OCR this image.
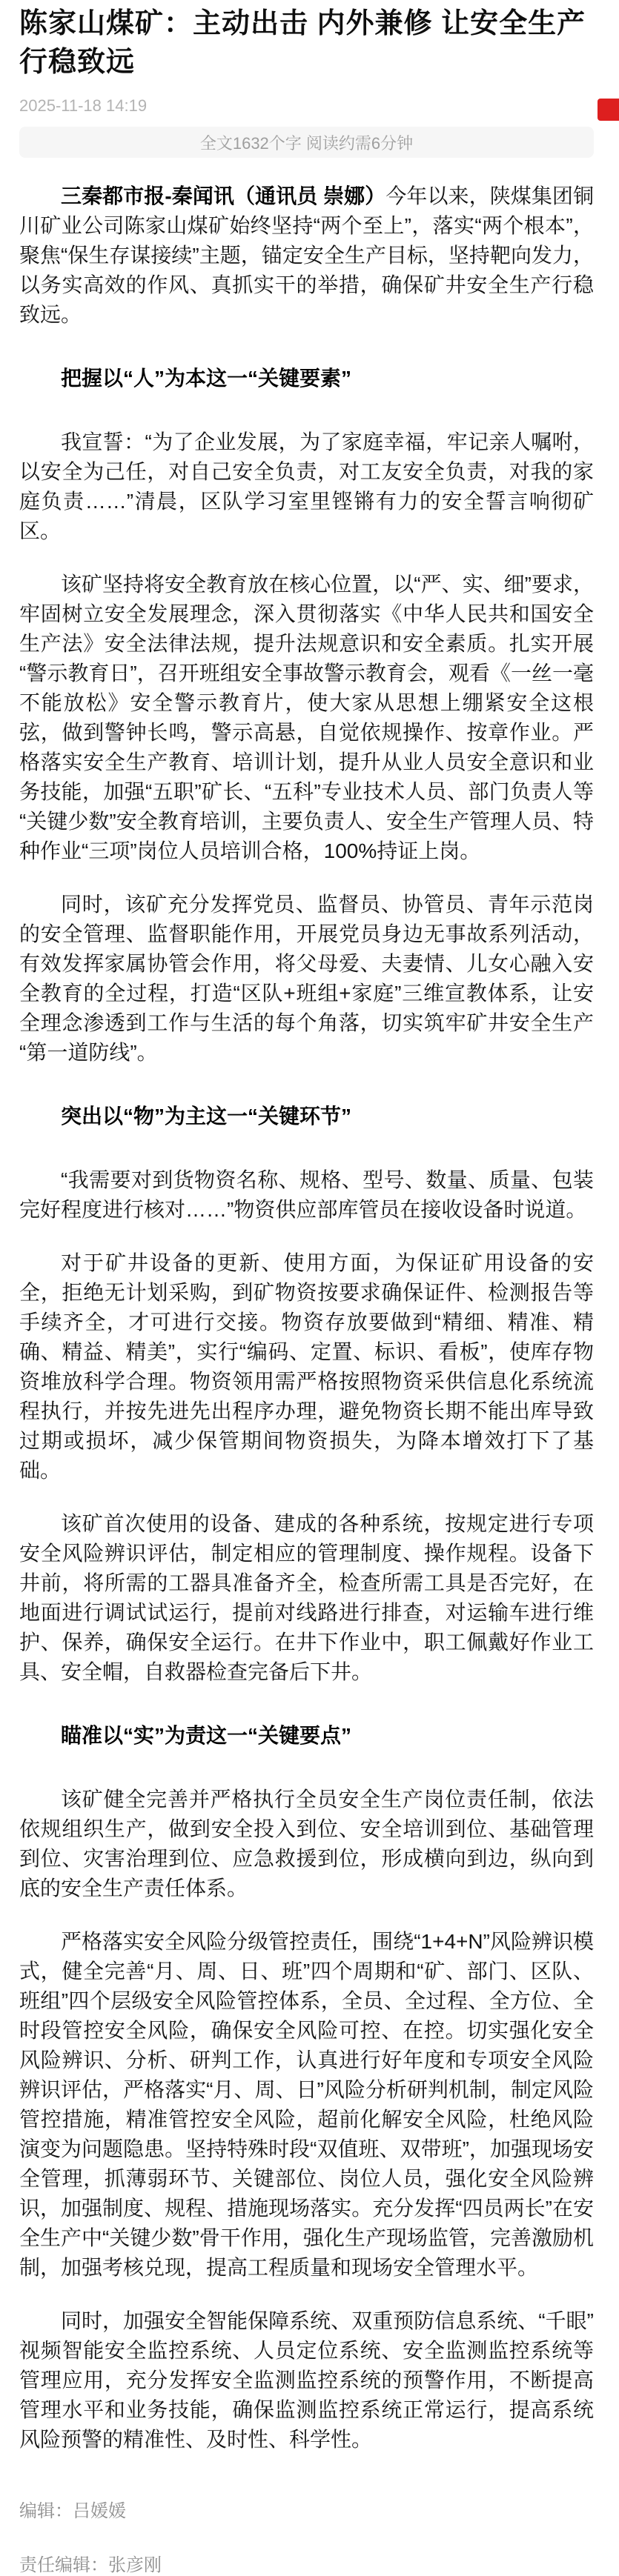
陈家山煤矿：主动出击 内外兼修 让安全生产行稳致远
2025-11-18 14:19
全文1632个字 阅读约需6分钟

三秦都市报-秦闻讯（通讯员 崇娜）今年以来，陕煤集团铜川矿业公司陈家山煤矿始终坚持“两个至上”，落实“两个根本”，聚焦“保生存谋接续”主题，锚定安全生产目标，坚持靶向发力，以务实高效的作风、真抓实干的举措，确保矿井安全生产行稳致远。

把握以“人”为本这一“关键要素”

我宣誓：“为了企业发展，为了家庭幸福，牢记亲人嘱咐，以安全为己任，对自己安全负责，对工友安全负责，对我的家庭负责……”清晨，区队学习室里铿锵有力的安全誓言响彻矿区。

该矿坚持将安全教育放在核心位置，以“严、实、细”要求，牢固树立安全发展理念，深入贯彻落实《中华人民共和国安全生产法》安全法律法规，提升法规意识和安全素质。扎实开展“警示教育日”，召开班组安全事故警示教育会，观看《一丝一毫不能放松》安全警示教育片，使大家从思想上绷紧安全这根弦，做到警钟长鸣，警示高悬，自觉依规操作、按章作业。严格落实安全生产教育、培训计划，提升从业人员安全意识和业务技能，加强“五职”矿长、“五科”专业技术人员、部门负责人等“关键少数”安全教育培训，主要负责人、安全生产管理人员、特种作业“三项”岗位人员培训合格，100%持证上岗。

同时，该矿充分发挥党员、监督员、协管员、青年示范岗的安全管理、监督职能作用，开展党员身边无事故系列活动，有效发挥家属协管会作用，将父母爱、夫妻情、儿女心融入安全教育的全过程，打造“区队+班组+家庭”三维宣教体系，让安全理念渗透到工作与生活的每个角落，切实筑牢矿井安全生产“第一道防线”。

突出以“物”为主这一“关键环节”

“我需要对到货物资名称、规格、型号、数量、质量、包装完好程度进行核对……”物资供应部库管员在接收设备时说道。

对于矿井设备的更新、使用方面，为保证矿用设备的安全，拒绝无计划采购，到矿物资按要求确保证件、检测报告等手续齐全，才可进行交接。物资存放要做到“精细、精准、精确、精益、精美”，实行“编码、定置、标识、看板”，使库存物资堆放科学合理。物资领用需严格按照物资采供信息化系统流程执行，并按先进先出程序办理，避免物资长期不能出库导致过期或损坏，减少保管期间物资损失，为降本增效打下了基础。

该矿首次使用的设备、建成的各种系统，按规定进行专项安全风险辨识评估，制定相应的管理制度、操作规程。设备下井前，将所需的工器具准备齐全，检查所需工具是否完好，在地面进行调试试运行，提前对线路进行排查，对运输车进行维护、保养，确保安全运行。在井下作业中，职工佩戴好作业工具、安全帽，自救器检查完备后下井。

瞄准以“实”为责这一“关键要点”

该矿健全完善并严格执行全员安全生产岗位责任制，依法依规组织生产，做到安全投入到位、安全培训到位、基础管理到位、灾害治理到位、应急救援到位，形成横向到边，纵向到底的安全生产责任体系。

严格落实安全风险分级管控责任，围绕“1+4+N”风险辨识模式，健全完善“月、周、日、班”四个周期和“矿、部门、区队、班组”四个层级安全风险管控体系，全员、全过程、全方位、全时段管控安全风险，确保安全风险可控、在控。切实强化安全风险辨识、分析、研判工作，认真进行好年度和专项安全风险辨识评估，严格落实“月、周、日”风险分析研判机制，制定风险管控措施，精准管控安全风险，超前化解安全风险，杜绝风险演变为问题隐患。坚持特殊时段“双值班、双带班”，加强现场安全管理，抓薄弱环节、关键部位、岗位人员，强化安全风险辨识，加强制度、规程、措施现场落实。充分发挥“四员两长”在安全生产中“关键少数”骨干作用，强化生产现场监管，完善激励机制，加强考核兑现，提高工程质量和现场安全管理水平。

同时，加强安全智能保障系统、双重预防信息系统、“千眼”视频智能安全监控系统、人员定位系统、安全监测监控系统等管理应用，充分发挥安全监测监控系统的预警作用，不断提高管理水平和业务技能，确保监测监控系统正常运行，提高系统风险预警的精准性、及时性、科学性。

编辑：吕媛媛
责任编辑：张彦刚
